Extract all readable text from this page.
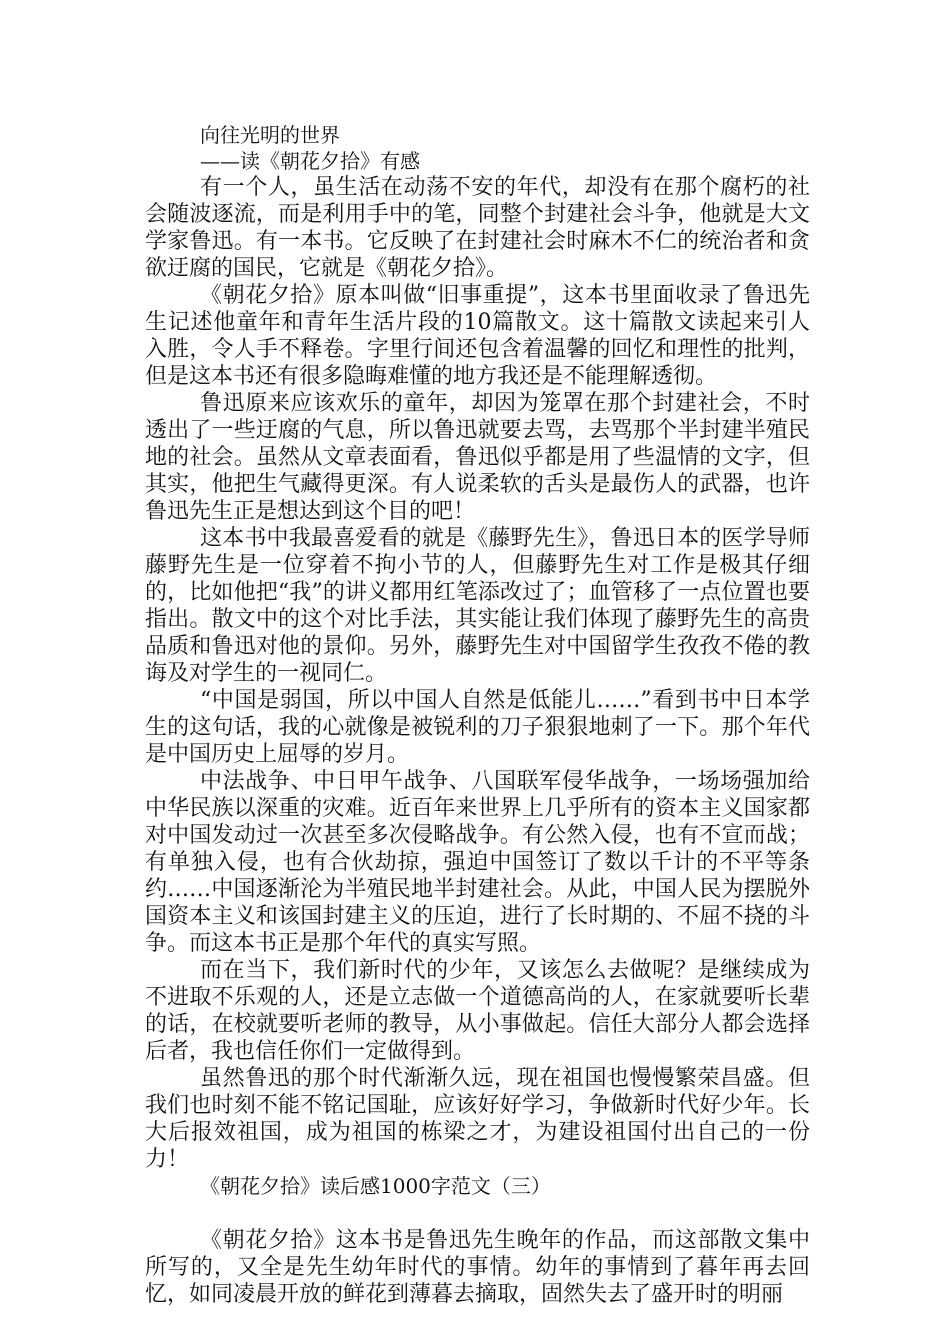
向往光明的世界

——读《朝花夕拾》有感

有一个人，虽生活在动荡不安的年代，却没有在那个腐朽的社会随波逐流，而是利用手中的笔，同整个封建社会斗争，他就是大文学家鲁迅。有一本书。它反映了在封建社会时麻木不仁的统治者和贪欲迂腐的国民，它就是《朝花夕拾》。

《朝花夕拾》原本叫做“旧事重提”，这本书里面收录了鲁迅先生记述他童年和青年生活片段的10篇散文。这十篇散文读起来引人入胜，令人手不释卷。字里行间还包含着温馨的回忆和理性的批判，但是这本书还有很多隐晦难懂的地方我还是不能理解透彻。

鲁迅原来应该欢乐的童年，却因为笼罩在那个封建社会，不时透出了一些迂腐的气息，所以鲁迅就要去骂，去骂那个半封建半殖民地的社会。虽然从文章表面看，鲁迅似乎都是用了些温情的文字，但其实，他把生气藏得更深。有人说柔软的舌头是最伤人的武器，也许鲁迅先生正是想达到这个目的吧！

这本书中我最喜爱看的就是《藤野先生》，鲁迅日本的医学导师藤野先生是一位穿着不拘小节的人，但藤野先生对工作是极其仔细的，比如他把“我”的讲义都用红笔添改过了；血管移了一点位置也要指出。散文中的这个对比手法，其实能让我们体现了藤野先生的高贵品质和鲁迅对他的景仰。另外，藤野先生对中国留学生孜孜不倦的教诲及对学生的一视同仁。

“中国是弱国，所以中国人自然是低能儿……”看到书中日本学生的这句话，我的心就像是被锐利的刀子狠狠地刺了一下。那个年代是中国历史上屈辱的岁月。

中法战争、中日甲午战争、八国联军侵华战争，一场场强加给中华民族以深重的灾难。近百年来世界上几乎所有的资本主义国家都对中国发动过一次甚至多次侵略战争。有公然入侵，也有不宣而战；有单独入侵，也有合伙劫掠，强迫中国签订了数以千计的不平等条约……中国逐渐沦为半殖民地半封建社会。从此，中国人民为摆脱外国资本主义和该国封建主义的压迫，进行了长时期的、不屈不挠的斗争。而这本书正是那个年代的真实写照。

而在当下，我们新时代的少年，又该怎么去做呢？是继续成为不进取不乐观的人，还是立志做一个道德高尚的人，在家就要听长辈的话，在校就要听老师的教导，从小事做起。信任大部分人都会选择后者，我也信任你们一定做得到。

虽然鲁迅的那个时代渐渐久远，现在祖国也慢慢繁荣昌盛。但我们也时刻不能不铭记国耻，应该好好学习，争做新时代好少年。长大后报效祖国，成为祖国的栋梁之才，为建设祖国付出自己的一份力！

《朝花夕拾》读后感1000字范文（三）

《朝花夕拾》这本书是鲁迅先生晚年的作品，而这部散文集中所写的，又全是先生幼年时代的事情。幼年的事情到了暮年再去回忆，如同凌晨开放的鲜花到薄暮去摘取，固然失去了盛开时的明丽
